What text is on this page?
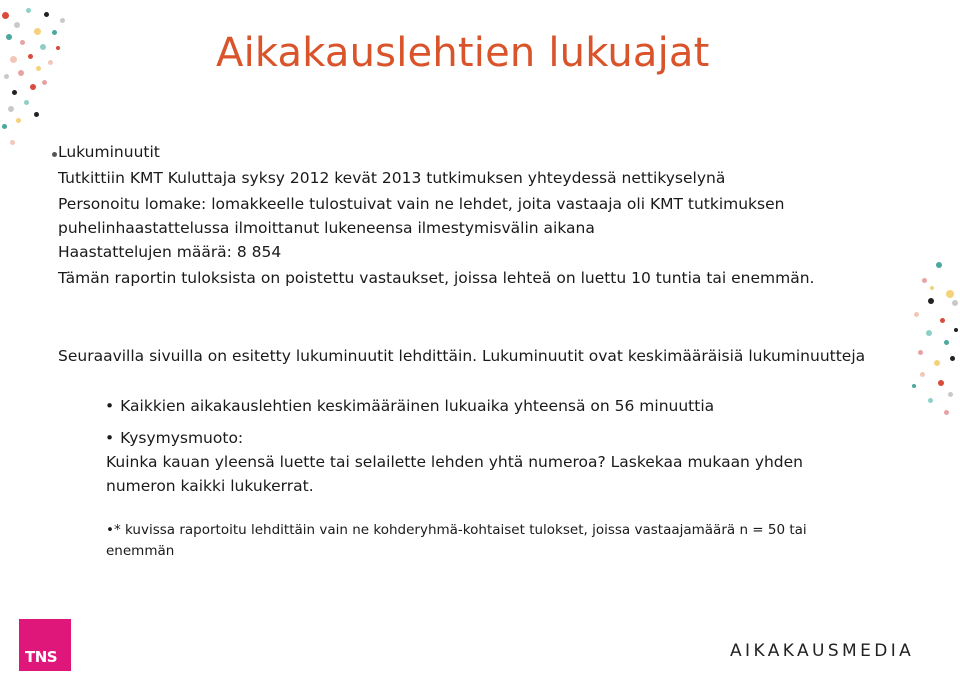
Aikakauslehtien lukuajat
Lukuminuutit
Tutkittiin KMT Kuluttaja syksy 2012 kevät 2013 tutkimuksen yhteydessä nettikyselynä
Personoitu lomake: lomakkeelle tulostuivat vain ne lehdet, joita vastaaja oli KMT tutkimuksen puhelinhaastattelussa ilmoittanut lukeneensa ilmestymisvälin aikana
Haastattelujen määrä: 8 854
Tämän raportin tuloksista on poistettu vastaukset, joissa lehteä on luettu 10 tuntia tai enemmän.
Seuraavilla sivuilla on esitetty lukuminuutit lehdittäin. Lukuminuutit ovat keskimääräisiä lukuminuutteja
• Kaikkien aikakauslehtien keskimääräinen lukuaika yhteensä on 56 minuuttia
• Kysymysmuoto:
Kuinka kauan yleensä luette tai selailette lehden yhtä numeroa? Laskekaa mukaan yhden numeron kaikki lukukerrat.
•* kuvissa raportoitu lehdittäin vain ne kohderyhmä-kohtaiset tulokset, joissa vastaajamäärä n = 50 tai enemmän
TNS	AIKAKAUSMEDIA
